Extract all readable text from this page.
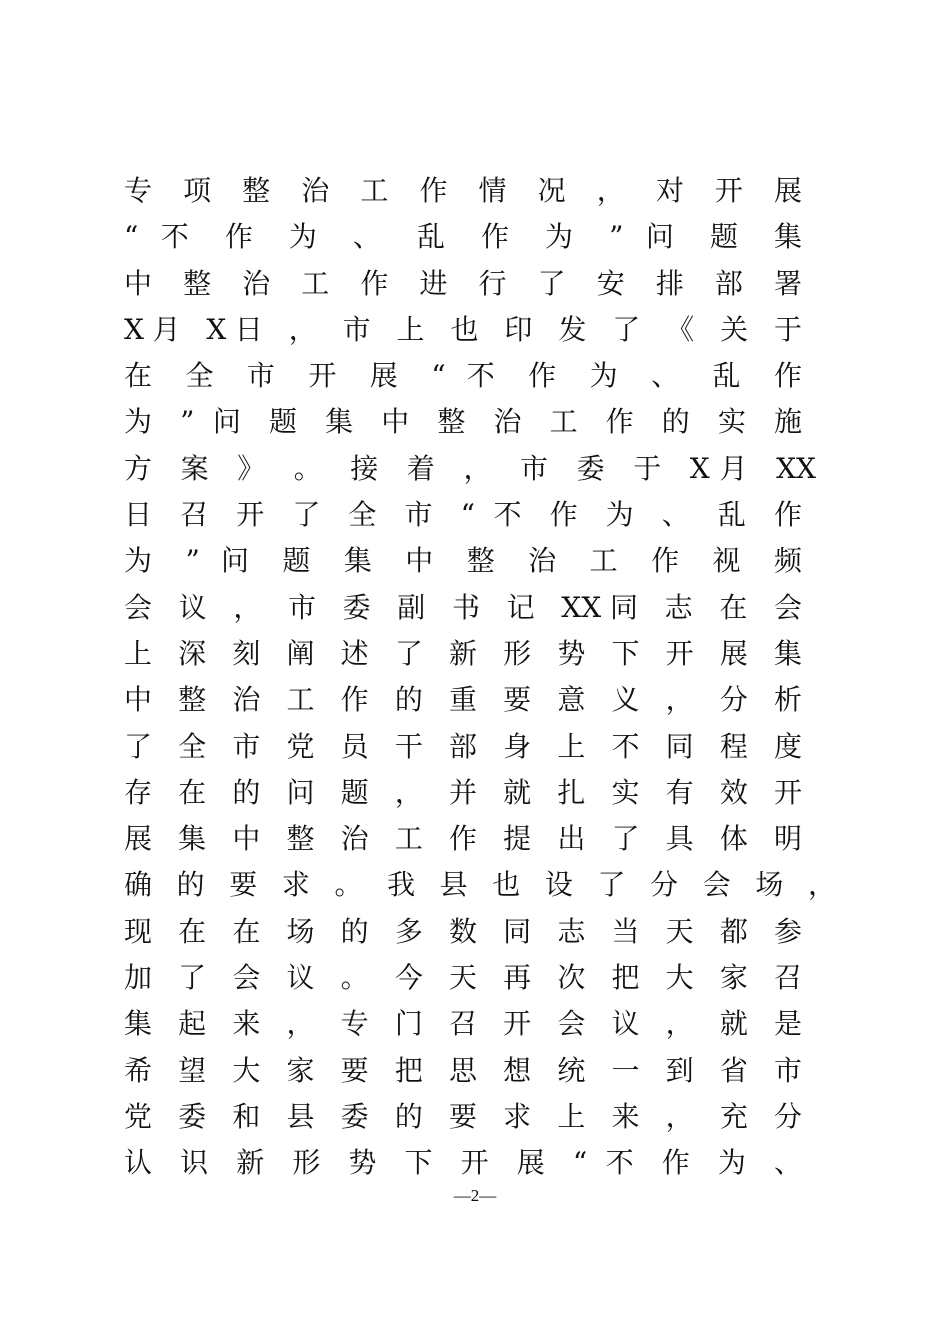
专 项 整 治 工 作 情 况 ， 对 开 展
“ 不 作 为 、 乱 作 为 ” 问 题 集
中 整 治 工 作 进 行 了 安 排 部 署
X月 X日 ， 市 上 也 印 发 了 《 关 于
在 全 市 开 展 “ 不 作 为 、 乱 作
为 ” 问 题 集 中 整 治 工 作 的 实 施
方 案 》 。 接 着 ， 市 委 于 X月 XX
日 召 开 了 全 市 “ 不 作 为 、 乱 作
为 ” 问 题 集 中 整 治 工 作 视 频
会 议 ， 市 委 副 书 记 XX同 志 在 会
上 深 刻 阐 述 了 新 形 势 下 开 展 集
中 整 治 工 作 的 重 要 意 义 ， 分 析
了 全 市 党 员 干 部 身 上 不 同 程 度
存 在 的 问 题 ， 并 就 扎 实 有 效 开
展 集 中 整 治 工 作 提 出 了 具 体 明
确 的 要 求 。 我 县 也 设 了 分 会 场 ，
现 在 在 场 的 多 数 同 志 当 天 都 参
加 了 会 议 。 今 天 再 次 把 大 家 召
集 起 来 ， 专 门 召 开 会 议 ， 就 是
希 望 大 家 要 把 思 想 统 一 到 省 市
党 委 和 县 委 的 要 求 上 来 ， 充 分
认 识 新 形 势 下 开 展 “ 不 作 为 、
—2—
